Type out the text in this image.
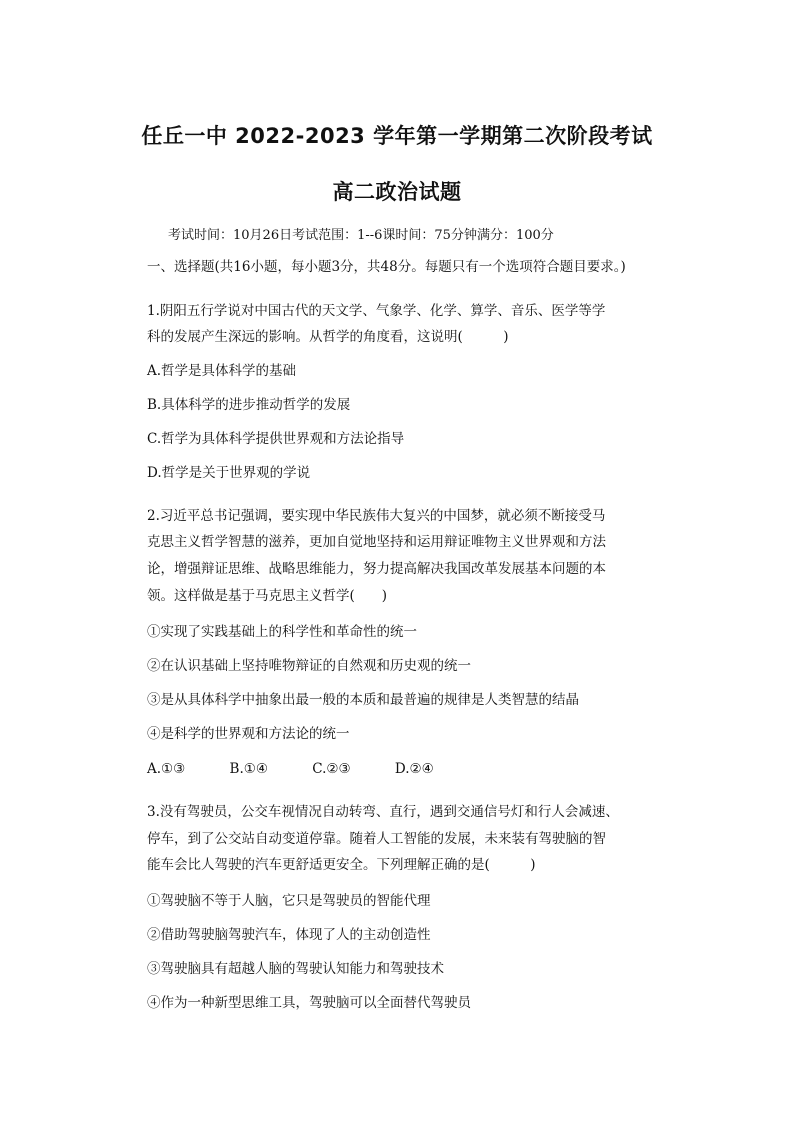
任丘一中 2022-2023 学年第一学期第二次阶段考试
高二政治试题
考试时间：10月26日考试范围：1--6课时间：75分钟满分：100分
一、选择题(共16小题，每小题3分，共48分。每题只有一个选项符合题目要求。)
1.阴阳五行学说对中国古代的天文学、气象学、化学、算学、音乐、医学等学
科的发展产生深远的影响。从哲学的角度看，这说明(　　　)
A.哲学是具体科学的基础
B.具体科学的进步推动哲学的发展
C.哲学为具体科学提供世界观和方法论指导
D.哲学是关于世界观的学说
2.习近平总书记强调，要实现中华民族伟大复兴的中国梦，就必须不断接受马
克思主义哲学智慧的滋养，更加自觉地坚持和运用辩证唯物主义世界观和方法
论，增强辩证思维、战略思维能力，努力提高解决我国改革发展基本问题的本
领。这样做是基于马克思主义哲学(　　)
①实现了实践基础上的科学性和革命性的统一
②在认识基础上坚持唯物辩证的自然观和历史观的统一
③是从具体科学中抽象出最一般的本质和最普遍的规律是人类智慧的结晶
④是科学的世界观和方法论的统一
A.①③	B.①④	C.②③	D.②④
3.没有驾驶员，公交车视情况自动转弯、直行，遇到交通信号灯和行人会减速、
停车，到了公交站自动变道停靠。随着人工智能的发展，未来装有驾驶脑的智
能车会比人驾驶的汽车更舒适更安全。下列理解正确的是(　　　)
①驾驶脑不等于人脑，它只是驾驶员的智能代理
②借助驾驶脑驾驶汽车，体现了人的主动创造性
③驾驶脑具有超越人脑的驾驶认知能力和驾驶技术
④作为一种新型思维工具，驾驶脑可以全面替代驾驶员
